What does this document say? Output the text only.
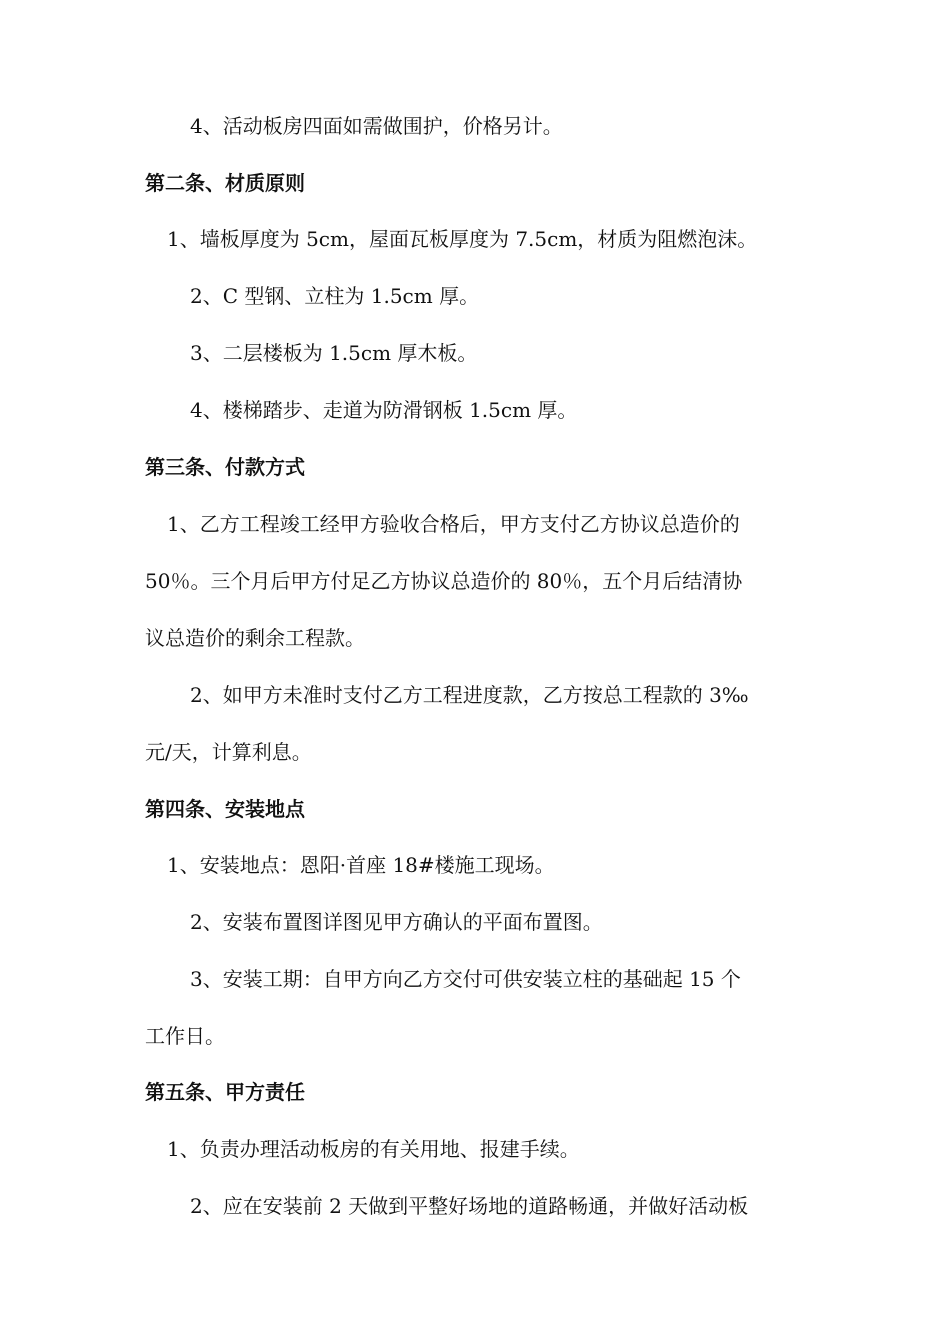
4、活动板房四面如需做围护，价格另计。
第二条、材质原则
1、墙板厚度为 5cm，屋面瓦板厚度为 7.5cm，材质为阻燃泡沫。
2、C 型钢、立柱为 1.5cm 厚。
3、二层楼板为 1.5cm 厚木板。
4、楼梯踏步、走道为防滑钢板 1.5cm 厚。
第三条、付款方式
1、乙方工程竣工经甲方验收合格后，甲方支付乙方协议总造价的
50％。三个月后甲方付足乙方协议总造价的 80％，五个月后结清协
议总造价的剩余工程款。
2、如甲方未准时支付乙方工程进度款，乙方按总工程款的 3‰
元/天，计算利息。
第四条、安装地点
1、安装地点：恩阳·首座 18#楼施工现场。
2、安装布置图详图见甲方确认的平面布置图。
3、安装工期：自甲方向乙方交付可供安装立柱的基础起 15 个
工作日。
第五条、甲方责任
1、负责办理活动板房的有关用地、报建手续。
2、应在安装前 2 天做到平整好场地的道路畅通，并做好活动板
